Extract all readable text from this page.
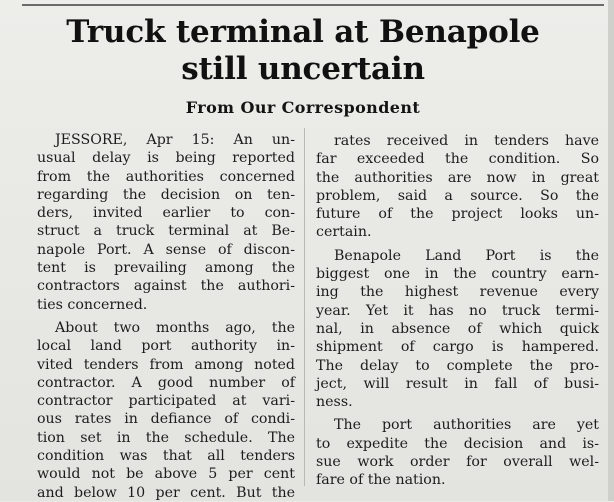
Truck terminal at Benapole
still uncertain
From Our Correspondent
JESSORE, Apr 15: An un-
usual delay is being reported
from the authorities concerned
regarding the decision on ten-
ders, invited earlier to con-
struct a truck terminal at Be-
napole Port. A sense of discon-
tent is prevailing among the
contractors against the authori-
ties concerned.
About two months ago, the
local land port authority in-
vited tenders from among noted
contractor. A good number of
contractor participated at vari-
ous rates in defiance of condi-
tion set in the schedule. The
condition was that all tenders
would not be above 5 per cent
and below 10 per cent. But the
rates received in tenders have
far exceeded the condition. So
the authorities are now in great
problem, said a source. So the
future of the project looks un-
certain.
Benapole Land Port is the
biggest one in the country earn-
ing the highest revenue every
year. Yet it has no truck termi-
nal, in absence of which quick
shipment of cargo is hampered.
The delay to complete the pro-
ject, will result in fall of busi-
ness.
The port authorities are yet
to expedite the decision and is-
sue work order for overall wel-
fare of the nation.
